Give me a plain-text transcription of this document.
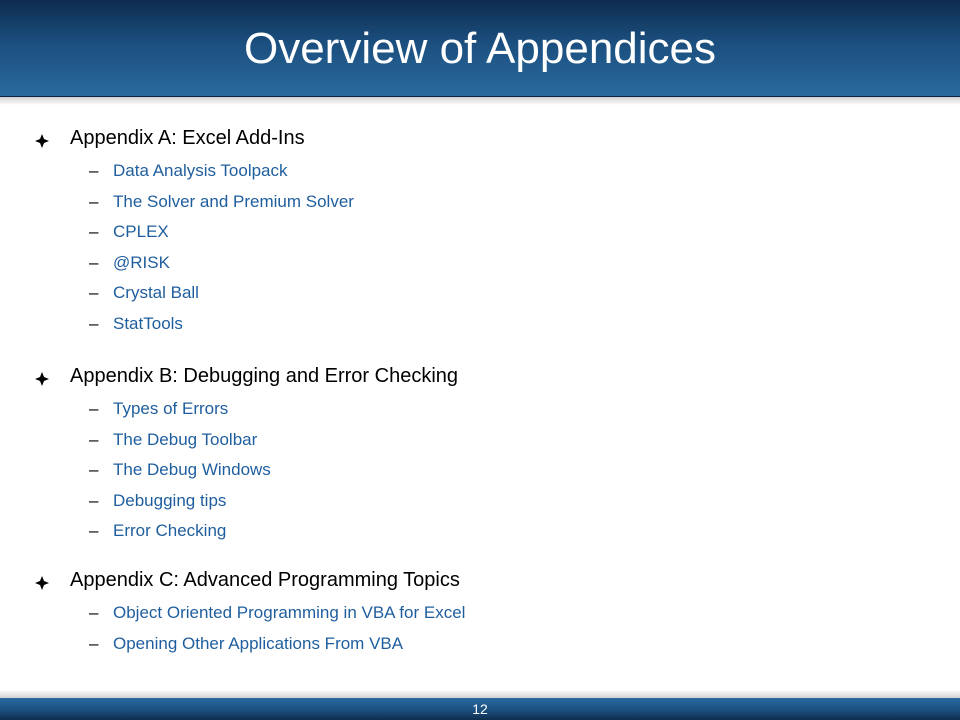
Overview of Appendices
Appendix A: Excel Add-Ins
– Data Analysis Toolpack
– The Solver and Premium Solver
– CPLEX
– @RISK
– Crystal Ball
– StatTools
Appendix B: Debugging and Error Checking
– Types of Errors
– The Debug Toolbar
– The Debug Windows
– Debugging tips
– Error Checking
Appendix C: Advanced Programming Topics
– Object Oriented Programming in VBA for Excel
– Opening Other Applications From VBA
12
